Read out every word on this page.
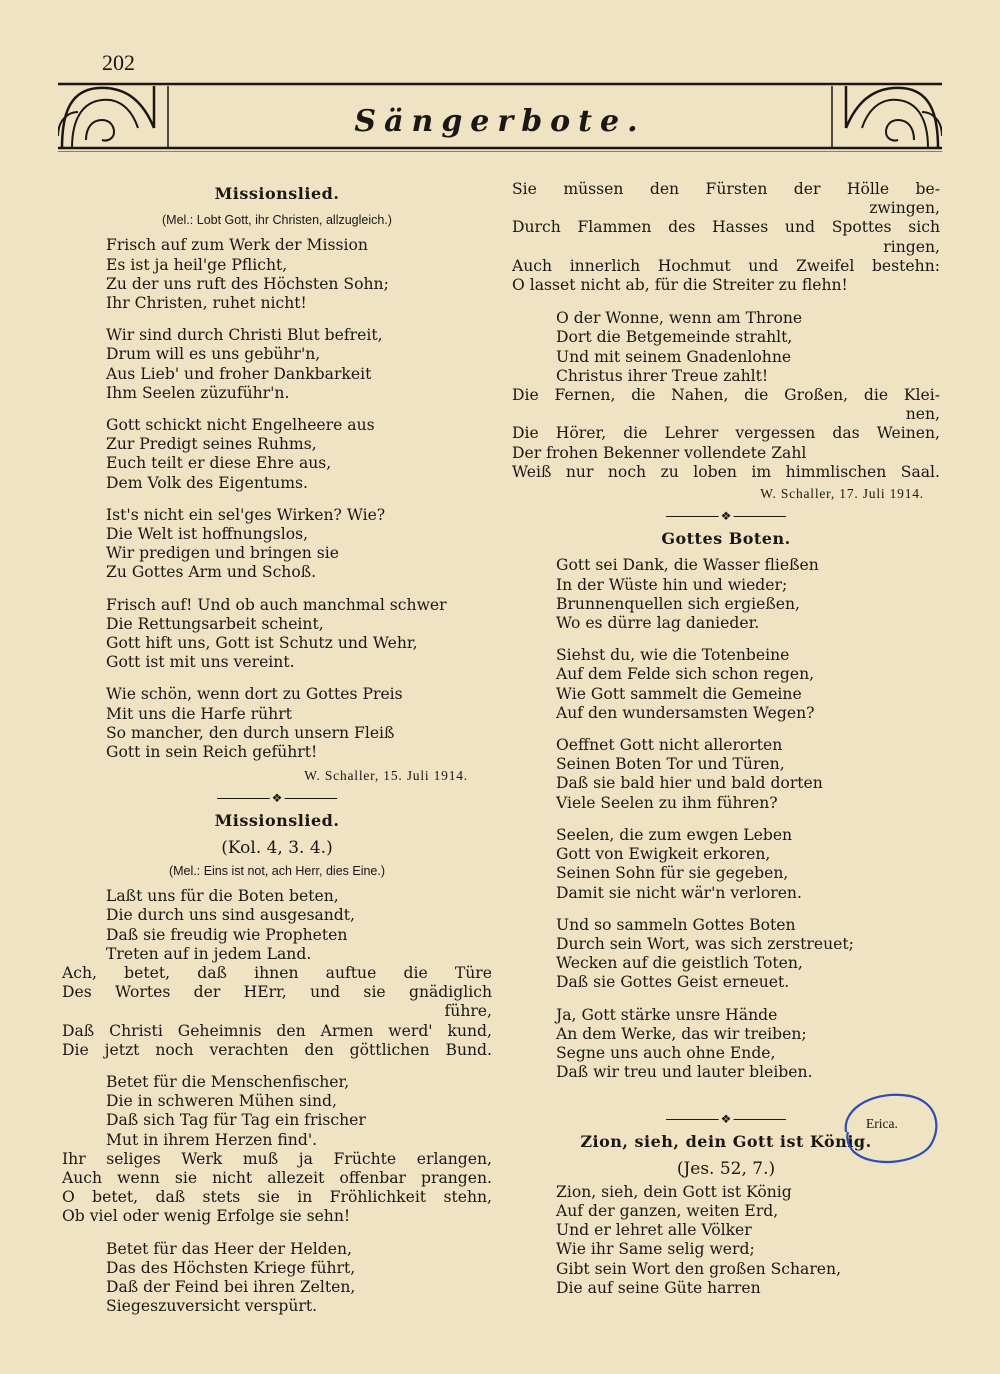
202
Sängerbote.
Missionslied.
(Mel.: Lobt Gott, ihr Christen, allzugleich.)
Frisch auf zum Werk der Mission
Es ist ja heil'ge Pflicht,
Zu der uns ruft des Höchsten Sohn;
Ihr Christen, ruhet nicht!
Wir sind durch Christi Blut befreit,
Drum will es uns gebühr'n,
Aus Lieb' und froher Dankbarkeit
Ihm Seelen züzuführ'n.
Gott schickt nicht Engelheere aus
Zur Predigt seines Ruhms,
Euch teilt er diese Ehre aus,
Dem Volk des Eigentums.
Ist's nicht ein sel'ges Wirken? Wie?
Die Welt ist hoffnungslos,
Wir predigen und bringen sie
Zu Gottes Arm und Schoß.
Frisch auf! Und ob auch manchmal schwer
Die Rettungsarbeit scheint,
Gott hift uns, Gott ist Schutz und Wehr,
Gott ist mit uns vereint.
Wie schön, wenn dort zu Gottes Preis
Mit uns die Harfe rührt
So mancher, den durch unsern Fleiß
Gott in sein Reich geführt!
W. Schaller, 15. Juli 1914.
❖
Missionslied.
(Kol. 4, 3. 4.)
(Mel.: Eins ist not, ach Herr, dies Eine.)
Laßt uns für die Boten beten,
Die durch uns sind ausgesandt,
Daß sie freudig wie Propheten
Treten auf in jedem Land.
Ach, betet, daß ihnen auftue die Türe
Des Wortes der HErr, und sie gnädiglich
führe,
Daß Christi Geheimnis den Armen werd' kund,
Die jetzt noch verachten den göttlichen Bund.
Betet für die Menschenfischer,
Die in schweren Mühen sind,
Daß sich Tag für Tag ein frischer
Mut in ihrem Herzen find'.
Ihr seliges Werk muß ja Früchte erlangen,
Auch wenn sie nicht allezeit offenbar prangen.
O betet, daß stets sie in Fröhlichkeit stehn,
Ob viel oder wenig Erfolge sie sehn!
Betet für das Heer der Helden,
Das des Höchsten Kriege führt,
Daß der Feind bei ihren Zelten,
Siegeszuversicht verspürt.
Sie müssen den Fürsten der Hölle be-
zwingen,
Durch Flammen des Hasses und Spottes sich
ringen,
Auch innerlich Hochmut und Zweifel bestehn:
O lasset nicht ab, für die Streiter zu flehn!
O der Wonne, wenn am Throne
Dort die Betgemeinde strahlt,
Und mit seinem Gnadenlohne
Christus ihrer Treue zahlt!
Die Fernen, die Nahen, die Großen, die Klei-
nen,
Die Hörer, die Lehrer vergessen das Weinen,
Der frohen Bekenner vollendete Zahl
Weiß nur noch zu loben im himmlischen Saal.
W. Schaller, 17. Juli 1914.
❖
Gottes Boten.
Gott sei Dank, die Wasser fließen
In der Wüste hin und wieder;
Brunnenquellen sich ergießen,
Wo es dürre lag danieder.
Siehst du, wie die Totenbeine
Auf dem Felde sich schon regen,
Wie Gott sammelt die Gemeine
Auf den wundersamsten Wegen?
Oeffnet Gott nicht allerorten
Seinen Boten Tor und Türen,
Daß sie bald hier und bald dorten
Viele Seelen zu ihm führen?
Seelen, die zum ewgen Leben
Gott von Ewigkeit erkoren,
Seinen Sohn für sie gegeben,
Damit sie nicht wär'n verloren.
Und so sammeln Gottes Boten
Durch sein Wort, was sich zerstreuet;
Wecken auf die geistlich Toten,
Daß sie Gottes Geist erneuet.
Ja, Gott stärke unsre Hände
An dem Werke, das wir treiben;
Segne uns auch ohne Ende,
Daß wir treu und lauter bleiben.
❖
Zion, sieh, dein Gott ist König.
(Jes. 52, 7.)
Zion, sieh, dein Gott ist König
Auf der ganzen, weiten Erd,
Und er lehret alle Völker
Wie ihr Same selig werd;
Gibt sein Wort den großen Scharen,
Die auf seine Güte harren
Erica.
